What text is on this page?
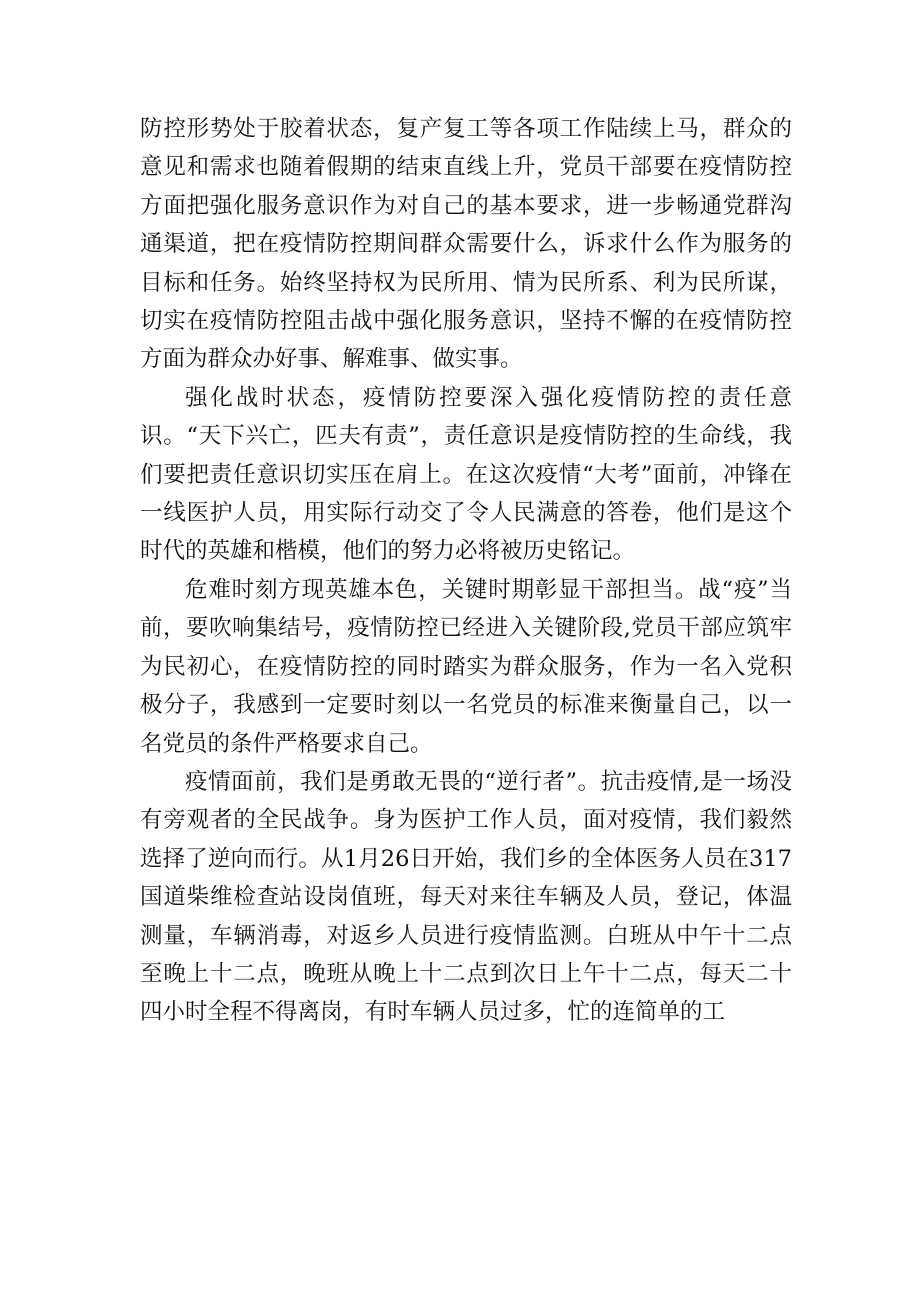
防控形势处于胶着状态，复产复工等各项工作陆续上马，群众的意见和需求也随着假期的结束直线上升，党员干部要在疫情防控方面把强化服务意识作为对自己的基本要求，进一步畅通党群沟通渠道，把在疫情防控期间群众需要什么，诉求什么作为服务的目标和任务。始终坚持权为民所用、情为民所系、利为民所谋，切实在疫情防控阻击战中强化服务意识，坚持不懈的在疫情防控方面为群众办好事、解难事、做实事。

强化战时状态，疫情防控要深入强化疫情防控的责任意识。“天下兴亡，匹夫有责”，责任意识是疫情防控的生命线，我们要把责任意识切实压在肩上。在这次疫情“大考”面前，冲锋在一线医护人员，用实际行动交了令人民满意的答卷，他们是这个时代的英雄和楷模，他们的努力必将被历史铭记。

危难时刻方现英雄本色，关键时期彰显干部担当。战“疫”当前，要吹响集结号，疫情防控已经进入关键阶段,党员干部应筑牢为民初心，在疫情防控的同时踏实为群众服务，作为一名入党积极分子，我感到一定要时刻以一名党员的标准来衡量自己，以一名党员的条件严格要求自己。

疫情面前，我们是勇敢无畏的“逆行者”。抗击疫情,是一场没有旁观者的全民战争。身为医护工作人员，面对疫情，我们毅然选择了逆向而行。从1月26日开始，我们乡的全体医务人员在317国道柴维检查站设岗值班，每天对来往车辆及人员，登记，体温测量，车辆消毒，对返乡人员进行疫情监测。白班从中午十二点至晚上十二点，晚班从晚上十二点到次日上午十二点，每天二十四小时全程不得离岗，有时车辆人员过多，忙的连简单的工
